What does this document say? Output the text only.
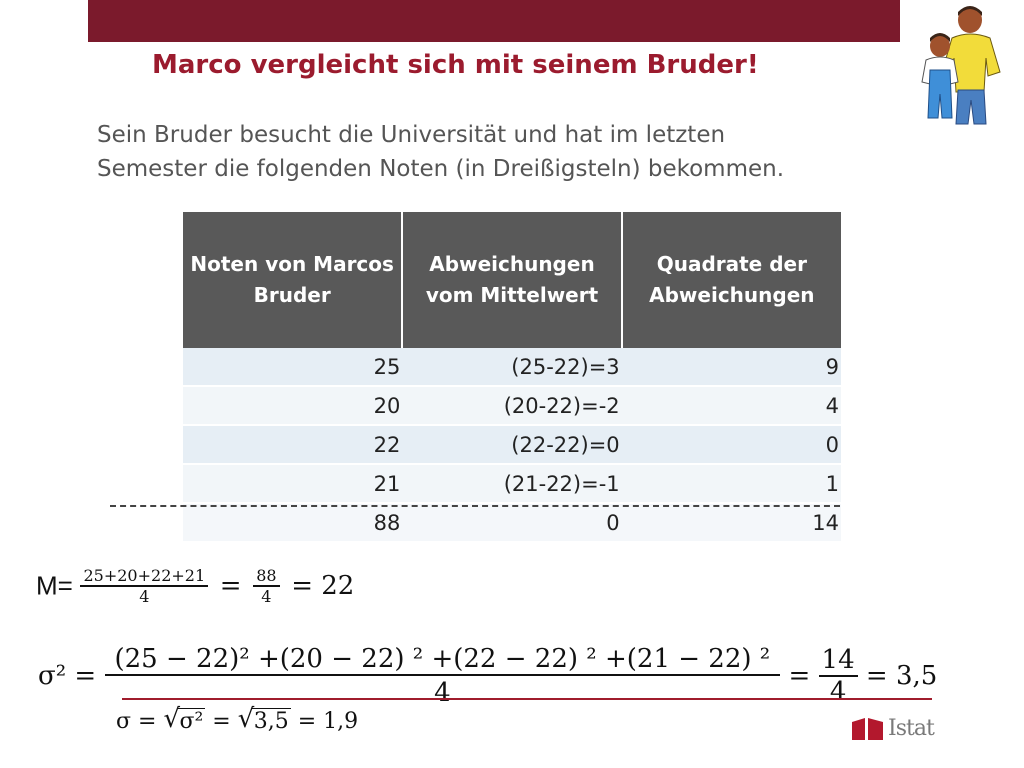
Marco vergleicht sich mit seinem Bruder!
Sein Bruder besucht die Universität und hat im letzten
Semester die folgenden Noten (in Dreißigsteln) bekommen.
Noten von Marcos Bruder	Abweichungen vom Mittelwert	Quadrate der Abweichungen
25	(25-22)=3	9
20	(20-22)=-2	4
22	(22-22)=0	0
21	(21-22)=-1	1
88	0	14
$M= \frac{25+20+22+21}{4} = \frac{88}{4} = 22$
$\sigma^2 = \frac{\text{(25 − 22)² +(20 − 22) ² +(22 − 22) ² +(21 − 22) ²}}{4} = \frac{14}{4} = 3,5$
σ = √ σ² = √ 3,5 = 1,9	Istat
